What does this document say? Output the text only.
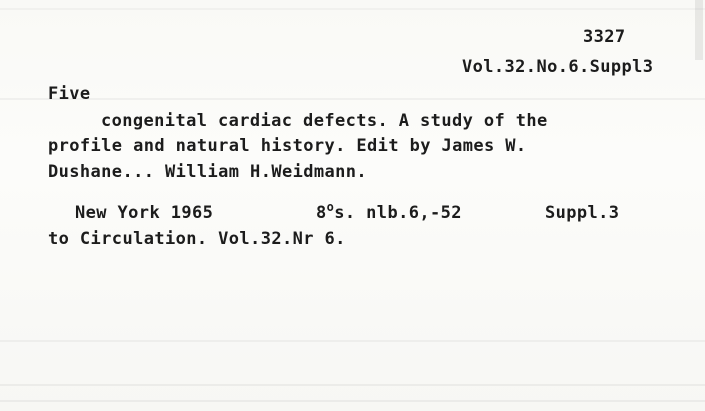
3327
Vol.32.No.6.Suppl3
Five
congenital cardiac defects. A study of the
profile and natural history. Edit by James W.
Dushane... William H.Weidmann.
New York 1965	8$^o$s. nlb.6,-52	Suppl.3
to Circulation. Vol.32.Nr 6.
